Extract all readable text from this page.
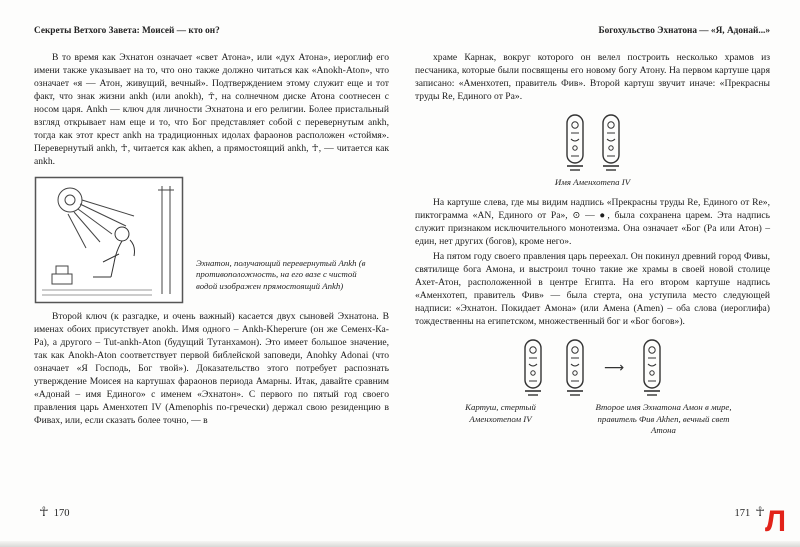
Секреты Ветхого Завета: Моисей — кто он?

В то время как Эхнатон означает «свет Атона», или «дух Атона», иероглиф его имени также указывает на то, что оно также должно читаться как «Anokh-Aton», что означает «я — Атон, живущий, вечный». Подтверждением этому служит еще и тот факт, что знак жизни ankh (или anokh), ☥, на солнечном диске Атона соотнесен с носом царя. Ankh — ключ для личности Эхнатона и его религии. Более пристальный взгляд открывает нам еще и то, что Бог представляет собой с перевернутым ankh, тогда как этот крест ankh на традиционных идолах фараонов расположен «стоймя». Перевернутый ankh, ☥, читается как akhen, а прямостоящий ankh, ☥, — читается как ankh.

Эхнатон, получающий перевернутый Ankh (в противоположность, на его вазе с чистой водой изображен прямостоящий Ankh)

Второй ключ (к разгадке, и очень важный) касается двух сыновей Эхнатона. В именах обоих присутствует anokh. Имя одного – Ankh-Kheperure (он же Семенх-Ка-Ра), а другого – Tut-ankh-Aton (будущий Тутанхамон). Это имеет большое значение, так как Anokh-Aton соответствует первой библейской заповеди, Anohky Adonai (что означает «Я Господь, Бог твой»). Доказательство этого потребует распознать утверждение Моисея на картушах фараонов периода Амарны. Итак, давайте сравним «Адонай – имя Единого» с именем «Эхнатон». С первого по пятый год своего правления царь Аменхотеп IV (Amenophis по-гречески) держал свою резиденцию в Фивах, или, если сказать более точно, — в

☥ 170
Богохульство Эхнатона — «Я, Адонай...»

храме Карнак, вокруг которого он велел построить несколько храмов из песчаника, которые были посвящены его новому богу Атону. На первом картуше царя записано: «Аменхотеп, правитель Фив». Второй картуш звучит иначе: «Прекрасны труды Re, Единого от Ра».

Имя Аменхотепа IV

На картуше слева, где мы видим надпись «Прекрасны труды Re, Единого от Re», пиктограмма «AN, Единого от Ра», ⊙ — ●, была сохранена царем. Эта надпись служит признаком исключительного монотеизма. Она означает «Бог (Ра или Атон) – един, нет других (богов), кроме него».

На пятом году своего правления царь переехал. Он покинул древний город Фивы, святилище бога Амона, и выстроил точно такие же храмы в своей новой столице Ахет-Атон, расположенной в центре Египта. На его втором картуше надпись «Аменхотеп, правитель Фив» — была стерта, она уступила место следующей надписи: «Эхнатон. Покидает Амона» (или Амена (Amen) – оба слова (иероглифа) тождественны на египетском, множественный бог и «Бог богов»).

⟶
Картуш, стертый Аменхотепом IV
Второе имя Эхнатона Амон в мире, правитель Фив Akhen, вечный свет Атона
171 ☥ Л
